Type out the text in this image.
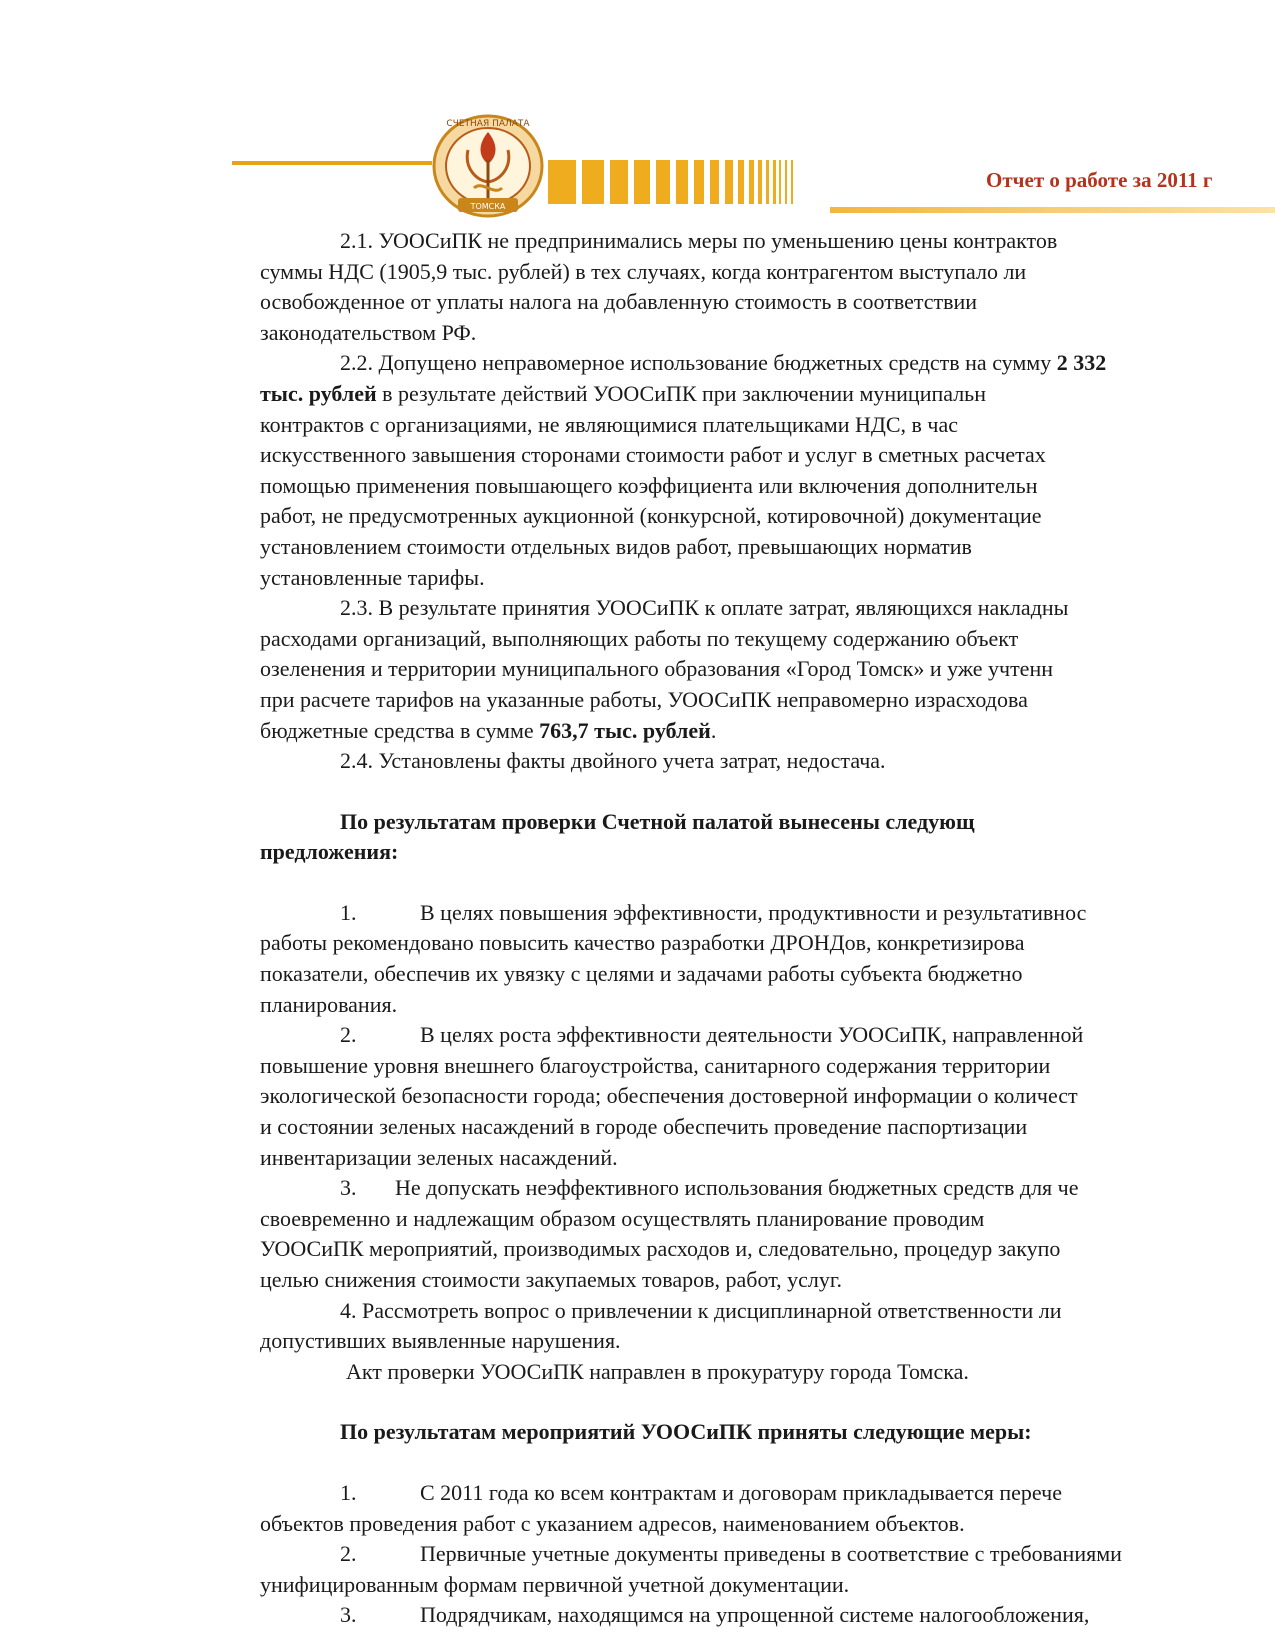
СЧЕТНАЯ ПАЛАТА
ТОМСКА
Отчет о работе за 2011 г

2.1. УООСиПК не предпринимались меры по уменьшению цены контрактов

суммы НДС (1905,9 тыс. рублей) в тех случаях, когда контрагентом выступало ли

освобожденное от уплаты налога на добавленную стоимость в соответствии

законодательством РФ.

2.2. Допущено неправомерное использование бюджетных средств на сумму 2 332

тыс. рублей в результате действий УООСиПК при заключении муниципальн

контрактов с организациями, не являющимися плательщиками НДС, в час

искусственного завышения сторонами стоимости работ и услуг в сметных расчетах

помощью применения повышающего коэффициента или включения дополнительн

работ, не предусмотренных аукционной (конкурсной, котировочной) документацие

установлением стоимости отдельных видов работ, превышающих норматив

установленные тарифы.

2.3. В результате принятия УООСиПК к оплате затрат, являющихся накладны

расходами организаций, выполняющих работы по текущему содержанию объект

озеленения и территории муниципального образования «Город Томск» и уже учтенн

при расчете тарифов на указанные работы, УООСиПК неправомерно израсходова

бюджетные средства в сумме 763,7 тыс. рублей.

2.4. Установлены факты двойного учета затрат, недостача.

По результатам проверки Счетной палатой вынесены следующ

предложения:

1.	В целях повышения эффективности, продуктивности и результативнос

работы рекомендовано повысить качество разработки ДРОНДов, конкретизирова

показатели, обеспечив их увязку с целями и задачами работы субъекта бюджетно

планирования.

2.	В целях роста эффективности деятельности УООСиПК, направленной

повышение уровня внешнего благоустройства, санитарного содержания территории

экологической безопасности города; обеспечения достоверной информации о количест

и состоянии зеленых насаждений в городе обеспечить проведение паспортизации

инвентаризации зеленых насаждений.

3. Не допускать неэффективного использования бюджетных средств для че

своевременно и надлежащим образом осуществлять планирование проводим

УООСиПК мероприятий, производимых расходов и, следовательно, процедур закупо

целью снижения стоимости закупаемых товаров, работ, услуг.

4. Рассмотреть вопрос о привлечении к дисциплинарной ответственности ли

допустивших выявленные нарушения.

Акт проверки УООСиПК направлен в прокуратуру города Томска.

По результатам мероприятий УООСиПК приняты следующие меры:

1.	С 2011 года ко всем контрактам и договорам прикладывается перече

объектов проведения работ с указанием адресов, наименованием объектов.

2.	Первичные учетные документы приведены в соответствие с требованиями

унифицированным формам первичной учетной документации.

3.	Подрядчикам, находящимся на упрощенной системе налогообложения,
